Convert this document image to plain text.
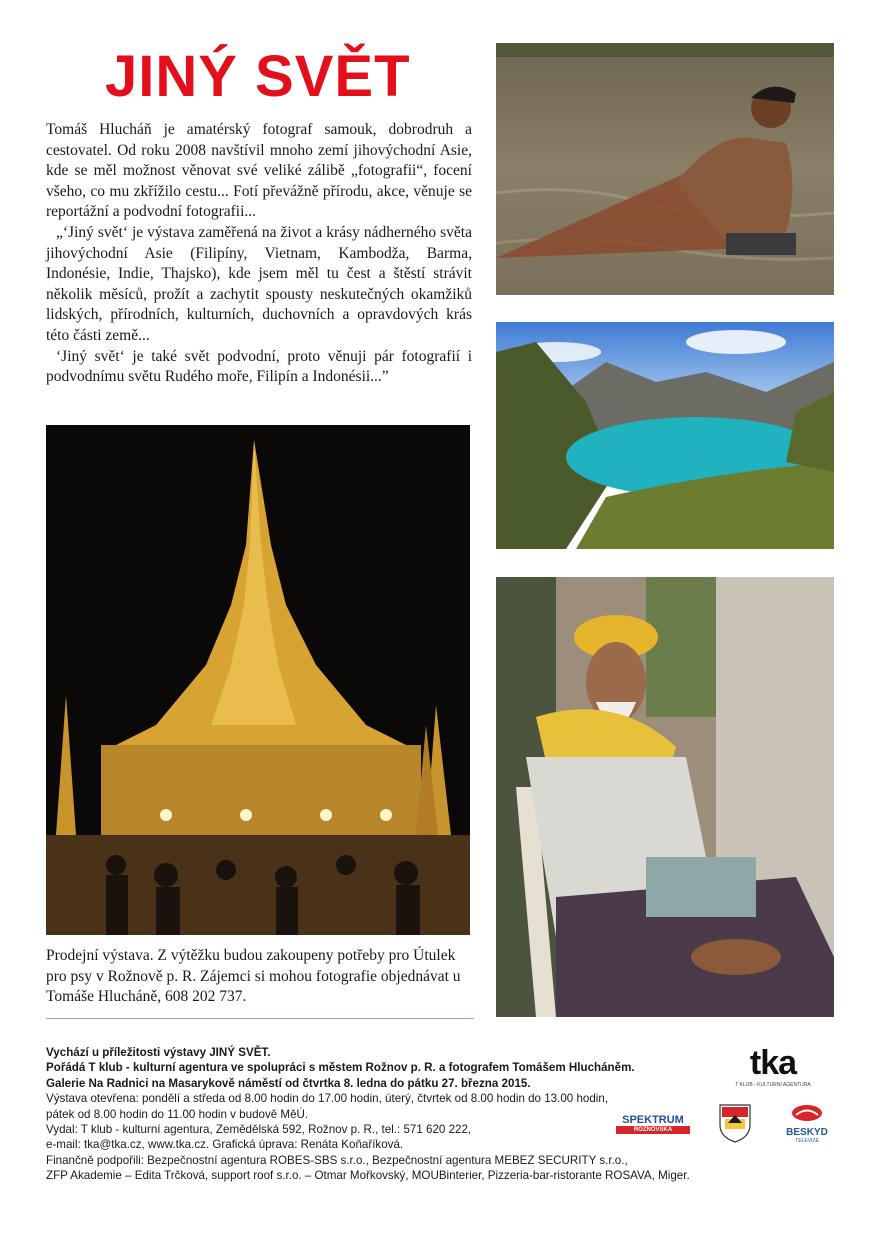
JINÝ SVĚT

Tomáš Hlucháň je amatérský fotograf samouk, dobrodruh a cestovatel. Od roku 2008 navštívil mnoho zemí jihovýchodní Asie, kde se měl možnost věnovat své veliké zálibě „fotografii“, focení všeho, co mu zkřížilo cestu... Fotí převážně přírodu, akce, věnuje se reportážní a podvodní fotografii...

„‘Jiný svět‘ je výstava zaměřená na život a krásy nádherného světa jihovýchodní Asie (Filipíny, Vietnam, Kambodža, Barma, Indonésie, Indie, Thajsko), kde jsem měl tu čest a štěstí strávit několik měsíců, prožít a zachytit spousty neskutečných okamžiků lidských, přírodních, kulturních, duchovních a opravdových krás této části země...

‘Jiný svět‘ je také svět podvodní, proto věnuji pár fotografií i podvodnímu světu Rudého moře, Filipín a Indonésii...”

Prodejní výstava. Z výtěžku budou zakoupeny potřeby pro Útulek pro psy v Rožnově p. R. Zájemci si mohou fotografie objednávat u Tomáše Hlucháně, 608 202 737.
Vychází u příležitosti výstavy JINÝ SVĚT.
Pořádá T klub - kulturní agentura ve spolupráci s městem Rožnov p. R. a fotografem Tomášem Hlucháněm.
Galerie Na Radnici na Masarykově náměstí od čtvrtka 8. ledna do pátku 27. března 2015.
Výstava otevřena: pondělí a středa od 8.00 hodin do 17.00 hodin, úterý, čtvrtek od 8.00 hodin do 13.00 hodin, pátek od 8.00 hodin do 11.00 hodin v budově MěÚ.
Vydal: T klub - kulturní agentura, Zemědělská 592, Rožnov p. R., tel.: 571 620 222,
e-mail: tka@tka.cz, www.tka.cz. Grafická úprava: Renáta Koňaříková.
Finančně podpořili: Bezpečnostní agentura ROBES-SBS s.r.o., Bezpečnostní agentura MEBEZ SECURITY s.r.o.,
ZFP Akademie – Edita Trčková, support roof s.r.o. – Otmar Mořkovský, MOUBinterier, Pizzeria-bar-ristorante ROSAVA, Miger.
tka
T KLUB - KULTURNÍ AGENTURA
SPEKTRUM
ROŽNOVSKA	BESKYD
TELEVIZE
